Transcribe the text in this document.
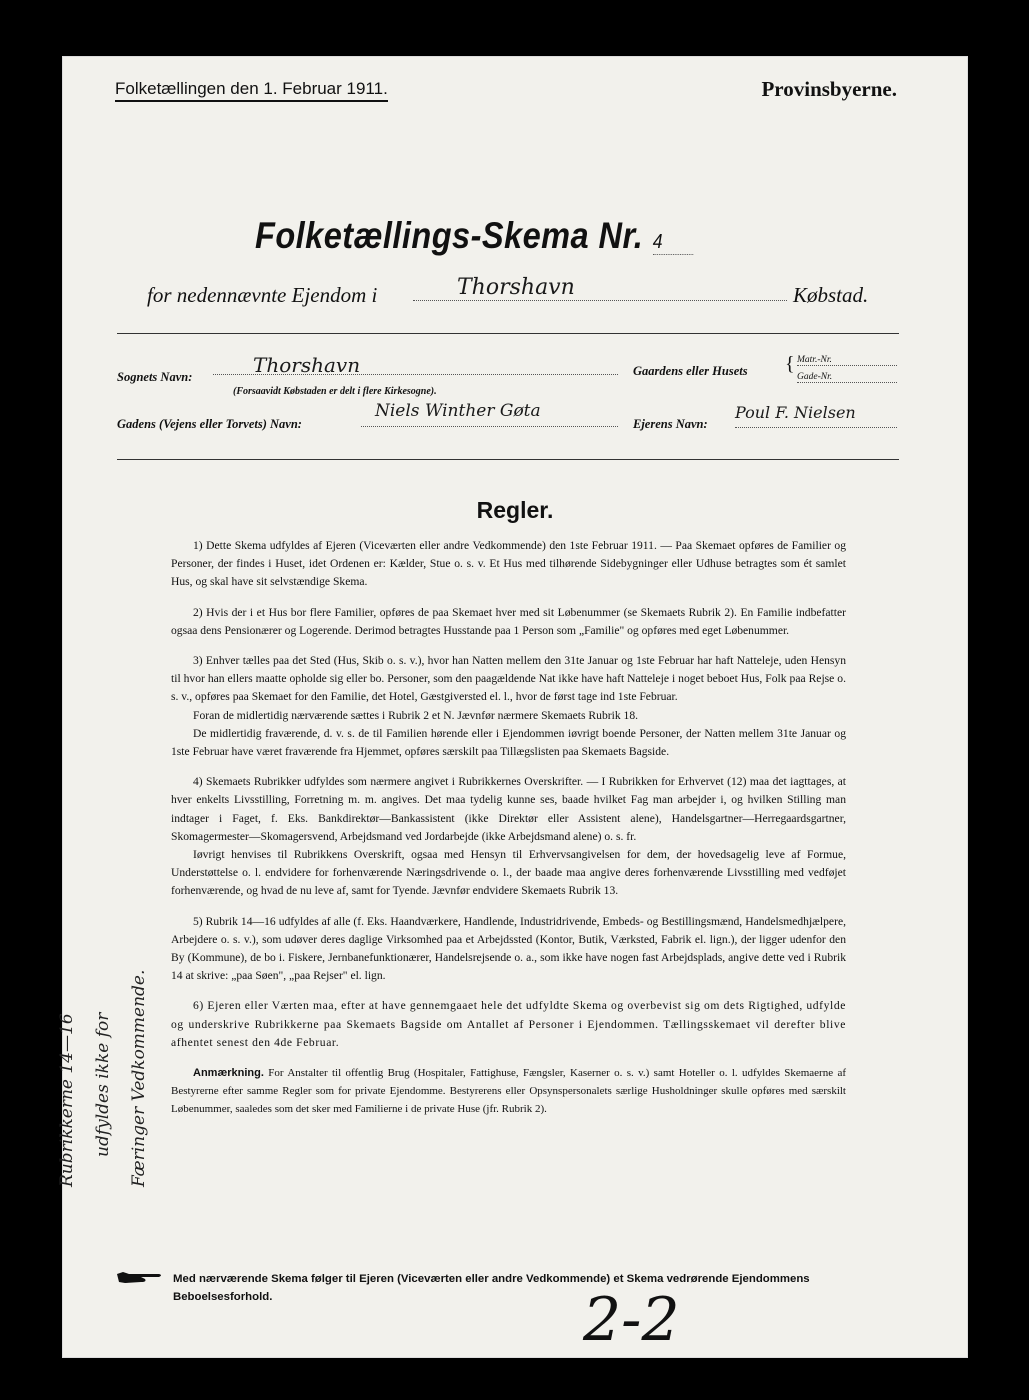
Folketællingen den 1. Februar 1911.	Provinsbyerne.
Folketællings-Skema Nr. 4
for nedennævnte Ejendom i	Thorshavn	Købstad.
Sognets Navn:	Thorshavn
(Forsaavidt Købstaden er delt i flere Kirkesogne).
Gaardens eller Husets { Matr.-Nr.
Gade-Nr.
Gadens (Vejens eller Torvets) Navn:
Niels Winther Gøta
Ejerens Navn:
Poul F. Nielsen
Regler.

1) Dette Skema udfyldes af Ejeren (Viceværten eller andre Vedkommende) den 1ste Februar 1911. — Paa Skemaet opføres de Familier og Personer, der findes i Huset, idet Ordenen er: Kælder, Stue o. s. v. Et Hus med tilhørende Sidebygninger eller Udhuse betragtes som ét samlet Hus, og skal have sit selvstændige Skema.

2) Hvis der i et Hus bor flere Familier, opføres de paa Skemaet hver med sit Løbenummer (se Skemaets Rubrik 2). En Familie indbefatter ogsaa dens Pensionærer og Logerende. Derimod betragtes Husstande paa 1 Person som „Familie" og opføres med eget Løbenummer.

3) Enhver tælles paa det Sted (Hus, Skib o. s. v.), hvor han Natten mellem den 31te Januar og 1ste Februar har haft Natteleje, uden Hensyn til hvor han ellers maatte opholde sig eller bo. Personer, som den paagældende Nat ikke have haft Natteleje i noget beboet Hus, Folk paa Rejse o. s. v., opføres paa Skemaet for den Familie, det Hotel, Gæstgiversted el. l., hvor de først tage ind 1ste Februar.

Foran de midlertidig nærværende sættes i Rubrik 2 et N. Jævnfør nærmere Skemaets Rubrik 18.

De midlertidig fraværende, d. v. s. de til Familien hørende eller i Ejendommen iøvrigt boende Personer, der Natten mellem 31te Januar og 1ste Februar have været fraværende fra Hjemmet, opføres særskilt paa Tillægslisten paa Skemaets Bagside.

4) Skemaets Rubrikker udfyldes som nærmere angivet i Rubrikkernes Overskrifter. — I Rubrikken for Erhvervet (12) maa det iagttages, at hver enkelts Livsstilling, Forretning m. m. angives. Det maa tydelig kunne ses, baade hvilket Fag man arbejder i, og hvilken Stilling man indtager i Faget, f. Eks. Bankdirektør—Bankassistent (ikke Direktør eller Assistent alene), Handelsgartner—Herregaardsgartner, Skomagermester—Skomagersvend, Arbejdsmand ved Jordarbejde (ikke Arbejdsmand alene) o. s. fr.

Iøvrigt henvises til Rubrikkens Overskrift, ogsaa med Hensyn til Erhvervsangivelsen for dem, der hovedsagelig leve af Formue, Understøttelse o. l. endvidere for forhenværende Næringsdrivende o. l., der baade maa angive deres forhenværende Livsstilling med vedføjet forhenværende, og hvad de nu leve af, samt for Tyende. Jævnfør endvidere Skemaets Rubrik 13.

5) Rubrik 14—16 udfyldes af alle (f. Eks. Haandværkere, Handlende, Industridrivende, Embeds- og Bestillingsmænd, Handelsmedhjælpere, Arbejdere o. s. v.), som udøver deres daglige Virksomhed paa et Arbejdssted (Kontor, Butik, Værksted, Fabrik el. lign.), der ligger udenfor den By (Kommune), de bo i. Fiskere, Jernbanefunktionærer, Handelsrejsende o. a., som ikke have nogen fast Arbejdsplads, angive dette ved i Rubrik 14 at skrive: „paa Søen", „paa Rejser" el. lign.

6) Ejeren eller Værten maa, efter at have gennemgaaet hele det udfyldte Skema og overbevist sig om dets Rigtighed, udfylde og underskrive Rubrikkerne paa Skemaets Bagside om Antallet af Personer i Ejendommen. Tællingsskemaet vil derefter blive afhentet senest den 4de Februar.

Anmærkning. For Anstalter til offentlig Brug (Hospitaler, Fattighuse, Fængsler, Kaserner o. s. v.) samt Hoteller o. l. udfyldes Skemaerne af Bestyrerne efter samme Regler som for private Ejendomme. Bestyrerens eller Opsynspersonalets særlige Husholdninger skulle opføres med særskilt Løbenummer, saaledes som det sker med Familierne i de private Huse (jfr. Rubrik 2).

Rubrikkerne 14—16 udfyldes ikke for Færinger Vedkommende.
Med nærværende Skema følger til Ejeren (Viceværten eller andre Vedkommende) et Skema vedrørende Ejendommens Beboelsesforhold.	2-2
